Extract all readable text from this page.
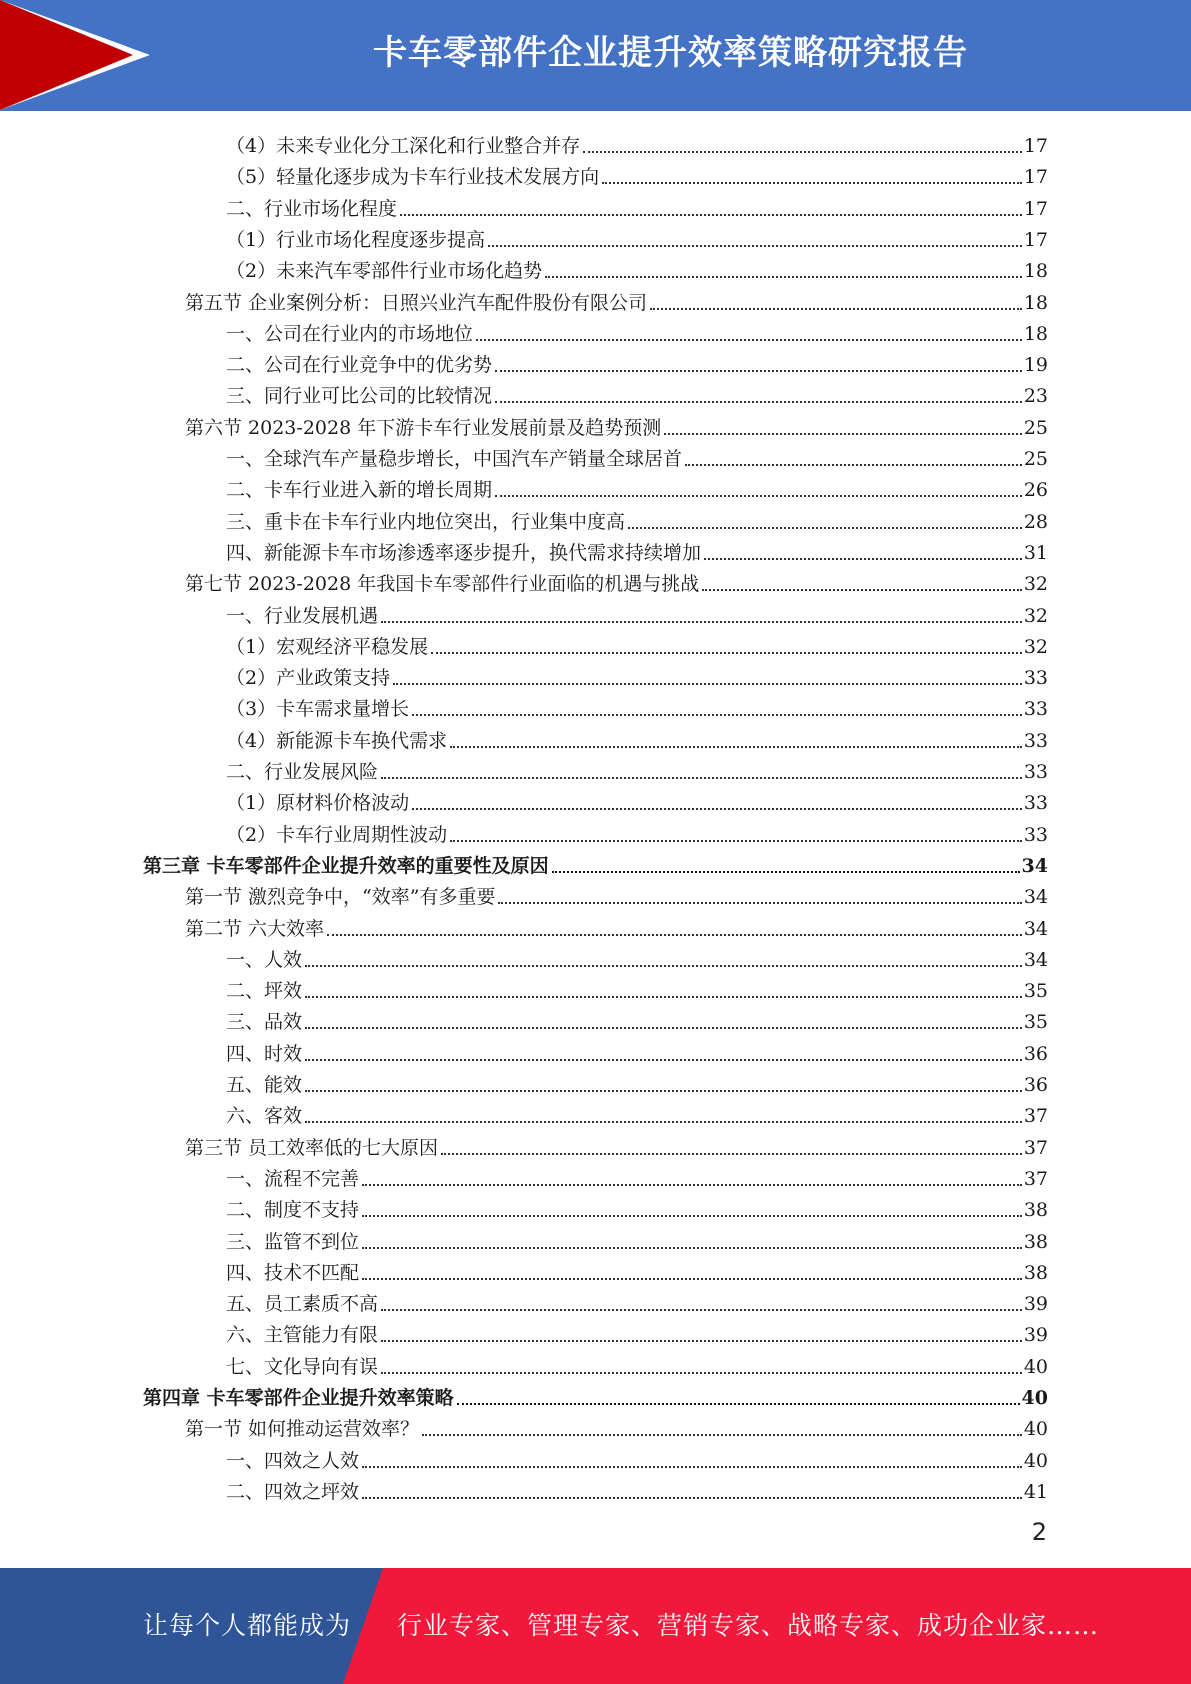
卡车零部件企业提升效率策略研究报告
（4）未来专业化分工深化和行业整合并存	17
（5）轻量化逐步成为卡车行业技术发展方向	17
二、行业市场化程度	17
（1）行业市场化程度逐步提高	17
（2）未来汽车零部件行业市场化趋势	18
第五节 企业案例分析：日照兴业汽车配件股份有限公司	18
一、公司在行业内的市场地位	18
二、公司在行业竞争中的优劣势	19
三、同行业可比公司的比较情况	23
第六节 2023-2028 年下游卡车行业发展前景及趋势预测	25
一、全球汽车产量稳步增长，中国汽车产销量全球居首	25
二、卡车行业进入新的增长周期	26
三、重卡在卡车行业内地位突出，行业集中度高	28
四、新能源卡车市场渗透率逐步提升，换代需求持续增加	31
第七节 2023-2028 年我国卡车零部件行业面临的机遇与挑战	32
一、行业发展机遇	32
（1）宏观经济平稳发展	32
（2）产业政策支持	33
（3）卡车需求量增长	33
（4）新能源卡车换代需求	33
二、行业发展风险	33
（1）原材料价格波动	33
（2）卡车行业周期性波动	33
第三章 卡车零部件企业提升效率的重要性及原因	34
第一节 激烈竞争中，“效率”有多重要	34
第二节 六大效率	34
一、人效	34
二、坪效	35
三、品效	35
四、时效	36
五、能效	36
六、客效	37
第三节 员工效率低的七大原因	37
一、流程不完善	37
二、制度不支持	38
三、监管不到位	38
四、技术不匹配	38
五、员工素质不高	39
六、主管能力有限	39
七、文化导向有误	40
第四章 卡车零部件企业提升效率策略	40
第一节 如何推动运营效率？	40
一、四效之人效	40
二、四效之坪效	41
2
让每个人都能成为 行业专家、管理专家、营销专家、战略专家、成功企业家……
